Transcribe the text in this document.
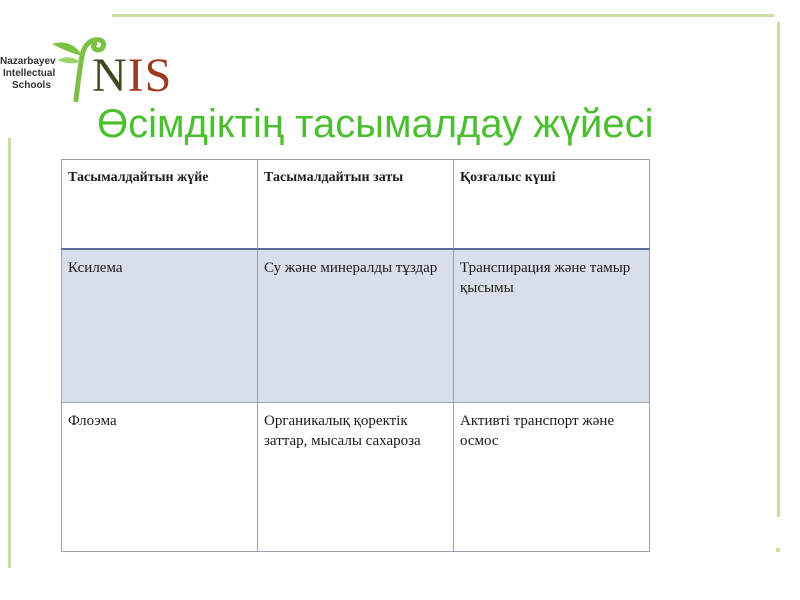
Nazarbayev
Intellectual
Schools NIS
Өсімдіктің тасымалдау жүйесі
Тасымалдайтын жүйе	Тасымалдайтын заты	Қозғалыс күші
Ксилема	Су және минералды тұздар	Транспирация және тамыр қысымы
Флоэма	Органикалық қоректік заттар, мысалы сахароза	Активті транспорт және осмос
